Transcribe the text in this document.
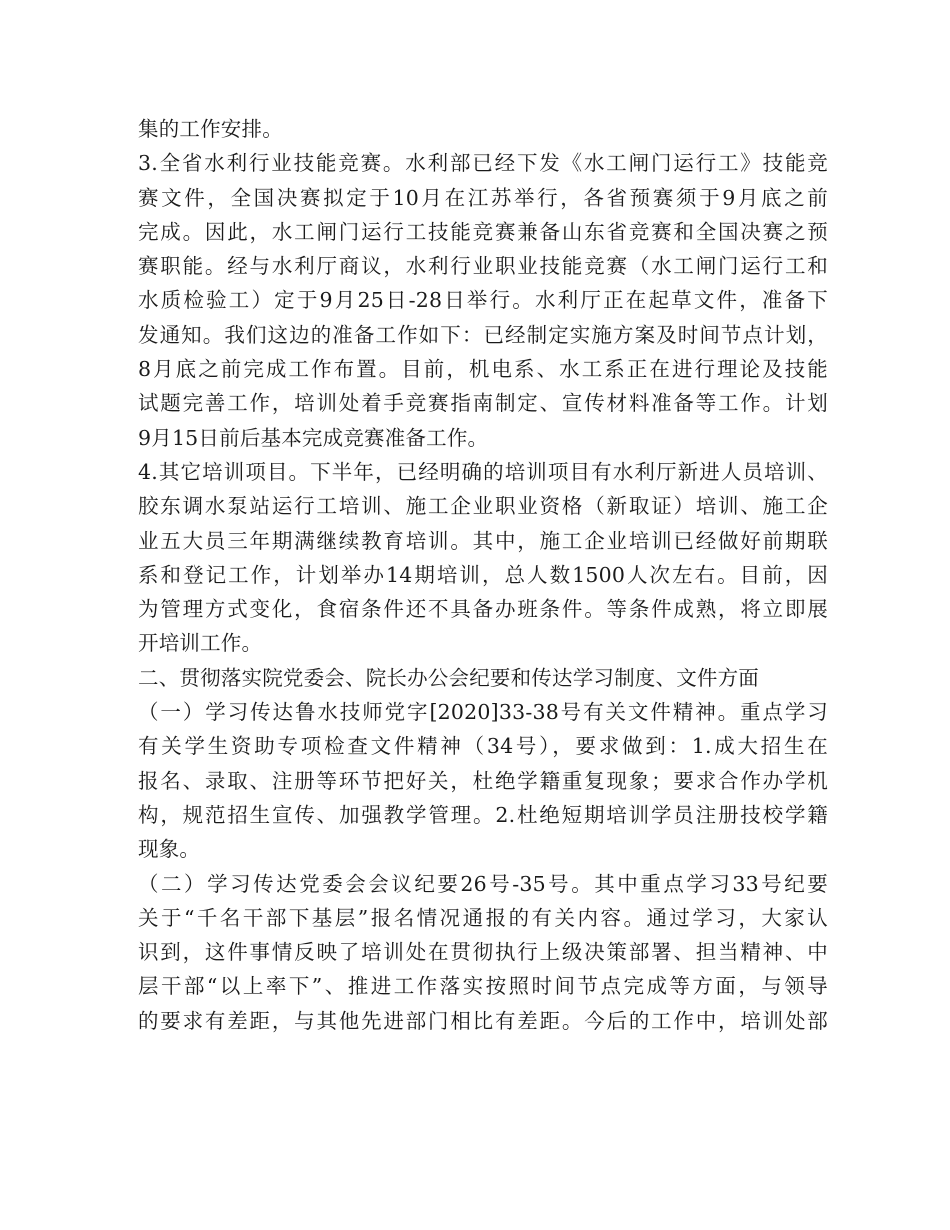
集的工作安排。
3.全省水利行业技能竞赛。水利部已经下发《水工闸门运行工》技能竞
赛文件，全国决赛拟定于10月在江苏举行，各省预赛须于9月底之前
完成。因此，水工闸门运行工技能竞赛兼备山东省竞赛和全国决赛之预
赛职能。经与水利厅商议，水利行业职业技能竞赛（水工闸门运行工和
水质检验工）定于9月25日-28日举行。水利厅正在起草文件，准备下
发通知。我们这边的准备工作如下：已经制定实施方案及时间节点计划，
8月底之前完成工作布置。目前，机电系、水工系正在进行理论及技能
试题完善工作，培训处着手竞赛指南制定、宣传材料准备等工作。计划
9月15日前后基本完成竞赛准备工作。
4.其它培训项目。下半年，已经明确的培训项目有水利厅新进人员培训、
胶东调水泵站运行工培训、施工企业职业资格（新取证）培训、施工企
业五大员三年期满继续教育培训。其中，施工企业培训已经做好前期联
系和登记工作，计划举办14期培训，总人数1500人次左右。目前，因
为管理方式变化，食宿条件还不具备办班条件。等条件成熟，将立即展
开培训工作。
二、贯彻落实院党委会、院长办公会纪要和传达学习制度、文件方面
（一）学习传达鲁水技师党字[2020]33-38号有关文件精神。重点学习
有关学生资助专项检查文件精神（34号），要求做到：1.成大招生在
报名、录取、注册等环节把好关，杜绝学籍重复现象；要求合作办学机
构，规范招生宣传、加强教学管理。2.杜绝短期培训学员注册技校学籍
现象。
（二）学习传达党委会会议纪要26号-35号。其中重点学习33号纪要
关于“千名干部下基层”报名情况通报的有关内容。通过学习，大家认
识到，这件事情反映了培训处在贯彻执行上级决策部署、担当精神、中
层干部“以上率下”、推进工作落实按照时间节点完成等方面，与领导
的要求有差距，与其他先进部门相比有差距。今后的工作中，培训处部
